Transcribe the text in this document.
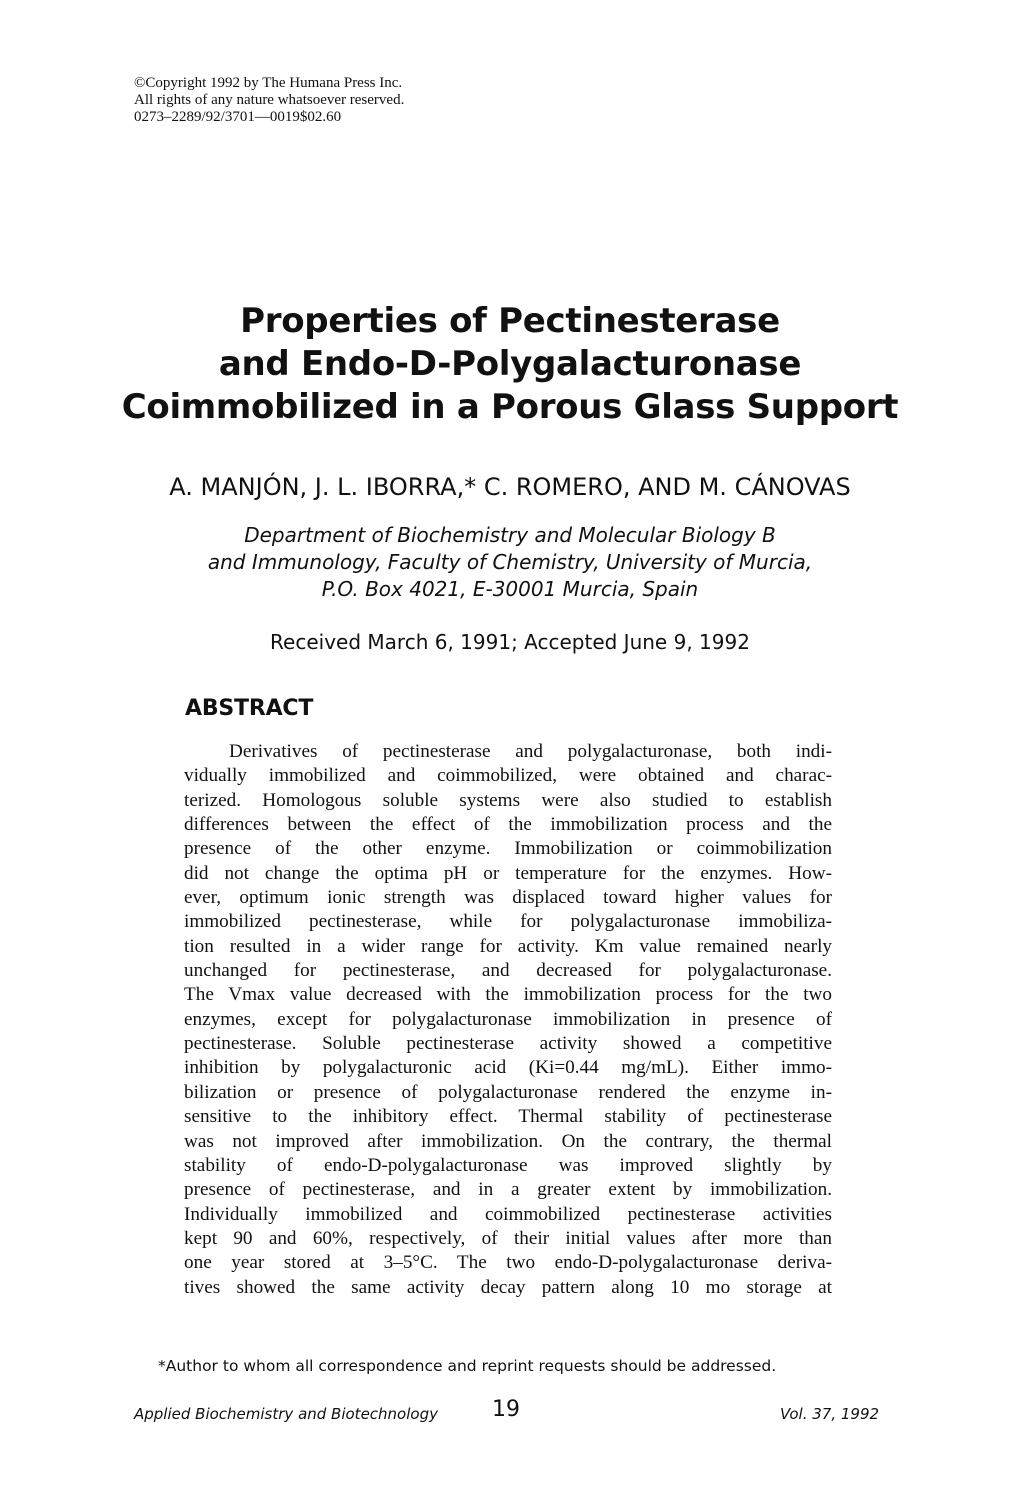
©Copyright 1992 by The Humana Press Inc.
All rights of any nature whatsoever reserved.
0273–2289/92/3701—0019$02.60
Properties of Pectinesterase
and Endo-D-Polygalacturonase
Coimmobilized in a Porous Glass Support
A. MANJÓN, J. L. IBORRA,* C. ROMERO, AND M. CÁNOVAS
Department of Biochemistry and Molecular Biology B
and Immunology, Faculty of Chemistry, University of Murcia,
P.O. Box 4021, E-30001 Murcia, Spain
Received March 6, 1991; Accepted June 9, 1992
ABSTRACT
Derivatives of pectinesterase and polygalacturonase, both indi-
vidually immobilized and coimmobilized, were obtained and charac-
terized. Homologous soluble systems were also studied to establish
differences between the effect of the immobilization process and the
presence of the other enzyme. Immobilization or coimmobilization
did not change the optima pH or temperature for the enzymes. How-
ever, optimum ionic strength was displaced toward higher values for
immobilized pectinesterase, while for polygalacturonase immobiliza-
tion resulted in a wider range for activity. Km value remained nearly
unchanged for pectinesterase, and decreased for polygalacturonase.
The Vmax value decreased with the immobilization process for the two
enzymes, except for polygalacturonase immobilization in presence of
pectinesterase. Soluble pectinesterase activity showed a competitive
inhibition by polygalacturonic acid (Ki=0.44 mg/mL). Either immo-
bilization or presence of polygalacturonase rendered the enzyme in-
sensitive to the inhibitory effect. Thermal stability of pectinesterase
was not improved after immobilization. On the contrary, the thermal
stability of endo-D-polygalacturonase was improved slightly by
presence of pectinesterase, and in a greater extent by immobilization.
Individually immobilized and coimmobilized pectinesterase activities
kept 90 and 60%, respectively, of their initial values after more than
one year stored at 3–5°C. The two endo-D-polygalacturonase deriva-
tives showed the same activity decay pattern along 10 mo storage at
*Author to whom all correspondence and reprint requests should be addressed.
Applied Biochemistry and Biotechnology 19	Vol. 37, 1992
